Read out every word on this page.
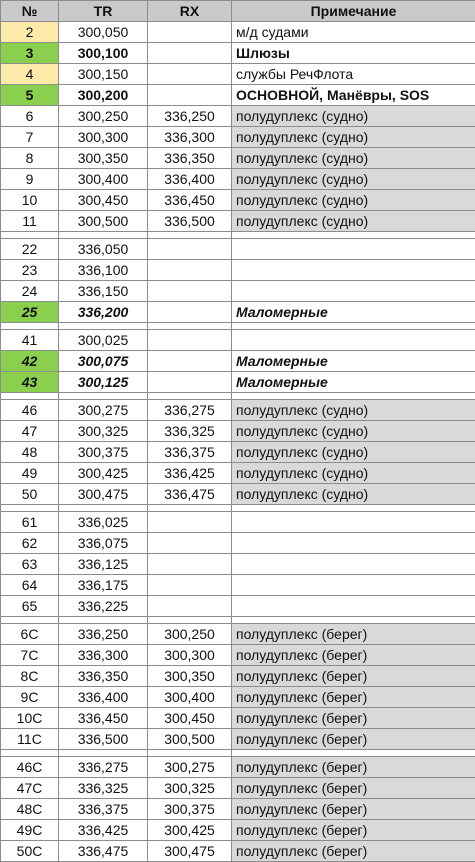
№	TR	RX	Примечание
2	300,050		м/д судами
3	300,100		Шлюзы
4	300,150		службы РечФлота
5	300,200		ОСНОВНОЙ, Манёвры, SOS
6	300,250	336,250	полудуплекс (судно)
7	300,300	336,300	полудуплекс (судно)
8	300,350	336,350	полудуплекс (судно)
9	300,400	336,400	полудуплекс (судно)
10	300,450	336,450	полудуплекс (судно)
11	300,500	336,500	полудуплекс (судно)

22	336,050		
23	336,100		
24	336,150		
25	336,200		Маломерные

41	300,025		
42	300,075		Маломерные
43	300,125		Маломерные

46	300,275	336,275	полудуплекс (судно)
47	300,325	336,325	полудуплекс (судно)
48	300,375	336,375	полудуплекс (судно)
49	300,425	336,425	полудуплекс (судно)
50	300,475	336,475	полудуплекс (судно)

61	336,025		
62	336,075		
63	336,125		
64	336,175		
65	336,225		

6C	336,250	300,250	полудуплекс (берег)
7C	336,300	300,300	полудуплекс (берег)
8C	336,350	300,350	полудуплекс (берег)
9C	336,400	300,400	полудуплекс (берег)
10C	336,450	300,450	полудуплекс (берег)
11C	336,500	300,500	полудуплекс (берег)

46C	336,275	300,275	полудуплекс (берег)
47C	336,325	300,325	полудуплекс (берег)
48C	336,375	300,375	полудуплекс (берег)
49C	336,425	300,425	полудуплекс (берег)
50C	336,475	300,475	полудуплекс (берег)
